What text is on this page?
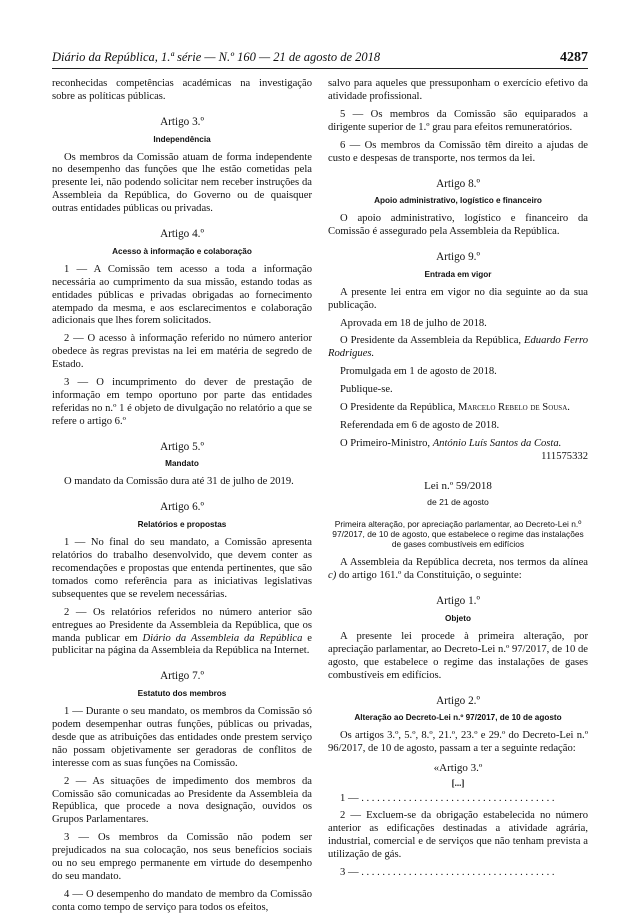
Diário da República, 1.ª série — N.º 160 — 21 de agosto de 2018	4287

reconhecidas competências académicas na investigação sobre as políticas públicas.

Artigo 3.º
Independência

Os membros da Comissão atuam de forma independente no desempenho das funções que lhe estão cometidas pela presente lei, não podendo solicitar nem receber instruções da Assembleia da República, do Governo ou de quaisquer outras entidades públicas ou privadas.

Artigo 4.º
Acesso à informação e colaboração

1 — A Comissão tem acesso a toda a informação necessária ao cumprimento da sua missão, estando todas as entidades públicas e privadas obrigadas ao fornecimento atempado da mesma, e aos esclarecimentos e colaboração adicionais que lhes forem solicitados.

2 — O acesso à informação referido no número anterior obedece às regras previstas na lei em matéria de segredo de Estado.

3 — O incumprimento do dever de prestação de informação em tempo oportuno por parte das entidades referidas no n.º 1 é objeto de divulgação no relatório a que se refere o artigo 6.º

Artigo 5.º
Mandato

O mandato da Comissão dura até 31 de julho de 2019.

Artigo 6.º
Relatórios e propostas

1 — No final do seu mandato, a Comissão apresenta relatórios do trabalho desenvolvido, que devem conter as recomendações e propostas que entenda pertinentes, que são tomados como referência para as iniciativas legislativas subsequentes que se revelem necessárias.

2 — Os relatórios referidos no número anterior são entregues ao Presidente da Assembleia da República, que os manda publicar em Diário da Assembleia da República e publicitar na página da Assembleia da República na Internet.

Artigo 7.º
Estatuto dos membros

1 — Durante o seu mandato, os membros da Comissão só podem desempenhar outras funções, públicas ou privadas, desde que as atribuições das entidades onde prestem serviço não possam objetivamente ser geradoras de conflitos de interesse com as suas funções na Comissão.

2 — As situações de impedimento dos membros da Comissão são comunicadas ao Presidente da Assembleia da República, que procede a nova designação, ouvidos os Grupos Parlamentares.

3 — Os membros da Comissão não podem ser prejudicados na sua colocação, nos seus benefícios sociais ou no seu emprego permanente em virtude do desempenho do seu mandato.

4 — O desempenho do mandato de membro da Comissão conta como tempo de serviço para todos os efeitos,

salvo para aqueles que pressuponham o exercício efetivo da atividade profissional.

5 — Os membros da Comissão são equiparados a dirigente superior de 1.º grau para efeitos remuneratórios.

6 — Os membros da Comissão têm direito a ajudas de custo e despesas de transporte, nos termos da lei.

Artigo 8.º
Apoio administrativo, logístico e financeiro

O apoio administrativo, logístico e financeiro da Comissão é assegurado pela Assembleia da República.

Artigo 9.º
Entrada em vigor

A presente lei entra em vigor no dia seguinte ao da sua publicação.

Aprovada em 18 de julho de 2018.

O Presidente da Assembleia da República, Eduardo Ferro Rodrigues.

Promulgada em 1 de agosto de 2018.

Publique-se.

O Presidente da República, Marcelo Rebelo de Sousa.

Referendada em 6 de agosto de 2018.

O Primeiro-Ministro, António Luís Santos da Costa.

111575332
Lei n.º 59/2018
de 21 de agosto
Primeira alteração, por apreciação parlamentar, ao Decreto-Lei n.º 97/2017, de 10 de agosto, que estabelece o regime das instalações de gases combustíveis em edifícios

A Assembleia da República decreta, nos termos da alínea c) do artigo 161.º da Constituição, o seguinte:

Artigo 1.º
Objeto

A presente lei procede à primeira alteração, por apreciação parlamentar, ao Decreto-Lei n.º 97/2017, de 10 de agosto, que estabelece o regime das instalações de gases combustíveis em edifícios.

Artigo 2.º
Alteração ao Decreto-Lei n.º 97/2017, de 10 de agosto

Os artigos 3.º, 5.º, 8.º, 21.º, 23.º e 29.º do Decreto-Lei n.º 96/2017, de 10 de agosto, passam a ter a seguinte redação:

«Artigo 3.º
[...]

1 — . . . . . . . . . . . . . . . . . . . . . . . . . . . . . . . . . . . . .

2 — Excluem-se da obrigação estabelecida no número anterior as edificações destinadas a atividade agrária, industrial, comercial e de serviços que não tenham prevista a utilização de gás.

3 — . . . . . . . . . . . . . . . . . . . . . . . . . . . . . . . . . . . . .
